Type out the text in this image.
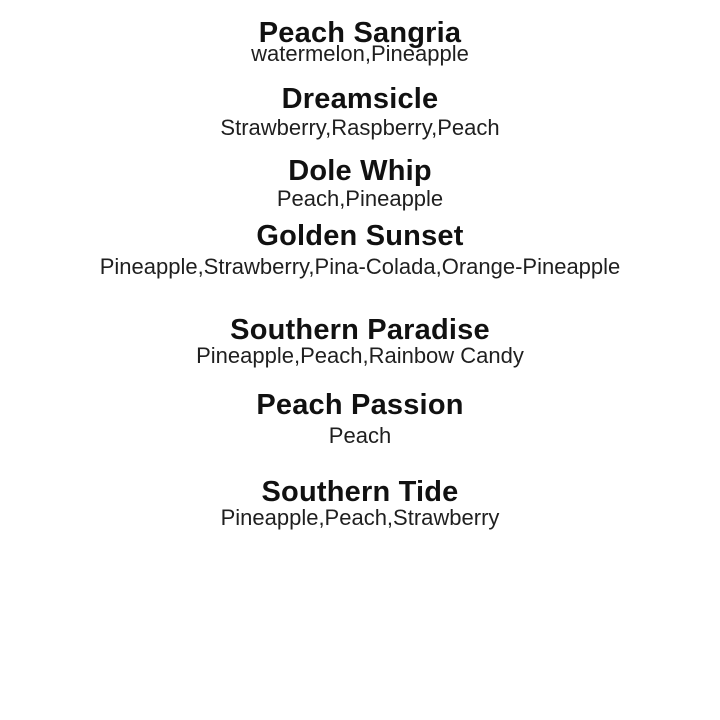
Peach Sangria
watermelon,Pineapple
Dreamsicle
Strawberry,Raspberry,Peach
Dole Whip
Peach,Pineapple
Golden Sunset
Pineapple,Strawberry,Pina-Colada,Orange-Pineapple
Southern Paradise
Pineapple,Peach,Rainbow Candy
Peach Passion
Peach
Southern Tide
Pineapple,Peach,Strawberry
